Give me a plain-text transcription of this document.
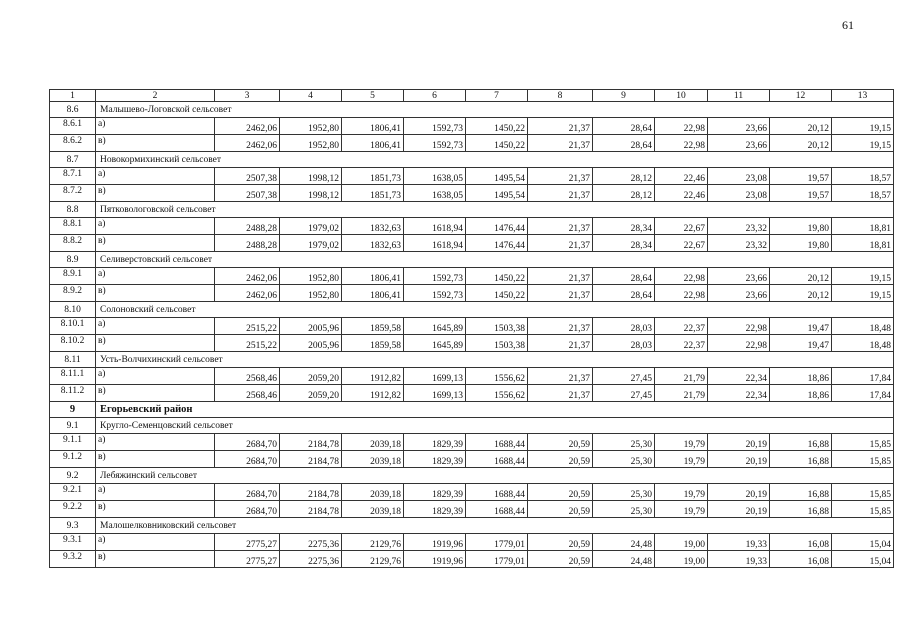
61
1	2	3	4	5	6	7	8	9	10	11	12	13
8.6	Малышево-Логовской сельсовет											
8.6.1	а)	2462,06	1952,80	1806,41	1592,73	1450,22	21,37	28,64	22,98	23,66	20,12	19,15
8.6.2	в)	2462,06	1952,80	1806,41	1592,73	1450,22	21,37	28,64	22,98	23,66	20,12	19,15
8.7	Новокормихинский сельсовет											
8.7.1	а)	2507,38	1998,12	1851,73	1638,05	1495,54	21,37	28,12	22,46	23,08	19,57	18,57
8.7.2	в)	2507,38	1998,12	1851,73	1638,05	1495,54	21,37	28,12	22,46	23,08	19,57	18,57
8.8	Пятковологовской сельсовет											
8.8.1	а)	2488,28	1979,02	1832,63	1618,94	1476,44	21,37	28,34	22,67	23,32	19,80	18,81
8.8.2	в)	2488,28	1979,02	1832,63	1618,94	1476,44	21,37	28,34	22,67	23,32	19,80	18,81
8.9	Селиверстовский сельсовет											
8.9.1	а)	2462,06	1952,80	1806,41	1592,73	1450,22	21,37	28,64	22,98	23,66	20,12	19,15
8.9.2	в)	2462,06	1952,80	1806,41	1592,73	1450,22	21,37	28,64	22,98	23,66	20,12	19,15
8.10	Солоновский сельсовет											
8.10.1	а)	2515,22	2005,96	1859,58	1645,89	1503,38	21,37	28,03	22,37	22,98	19,47	18,48
8.10.2	в)	2515,22	2005,96	1859,58	1645,89	1503,38	21,37	28,03	22,37	22,98	19,47	18,48
8.11	Усть-Волчихинский сельсовет											
8.11.1	а)	2568,46	2059,20	1912,82	1699,13	1556,62	21,37	27,45	21,79	22,34	18,86	17,84
8.11.2	в)	2568,46	2059,20	1912,82	1699,13	1556,62	21,37	27,45	21,79	22,34	18,86	17,84
9	Егорьевский район											
9.1	Кругло-Семенцовский сельсовет											
9.1.1	а)	2684,70	2184,78	2039,18	1829,39	1688,44	20,59	25,30	19,79	20,19	16,88	15,85
9.1.2	в)	2684,70	2184,78	2039,18	1829,39	1688,44	20,59	25,30	19,79	20,19	16,88	15,85
9.2	Лебяжинский сельсовет											
9.2.1	а)	2684,70	2184,78	2039,18	1829,39	1688,44	20,59	25,30	19,79	20,19	16,88	15,85
9.2.2	в)	2684,70	2184,78	2039,18	1829,39	1688,44	20,59	25,30	19,79	20,19	16,88	15,85
9.3	Малошелковниковский сельсовет											
9.3.1	а)	2775,27	2275,36	2129,76	1919,96	1779,01	20,59	24,48	19,00	19,33	16,08	15,04
9.3.2	в)	2775,27	2275,36	2129,76	1919,96	1779,01	20,59	24,48	19,00	19,33	16,08	15,04
